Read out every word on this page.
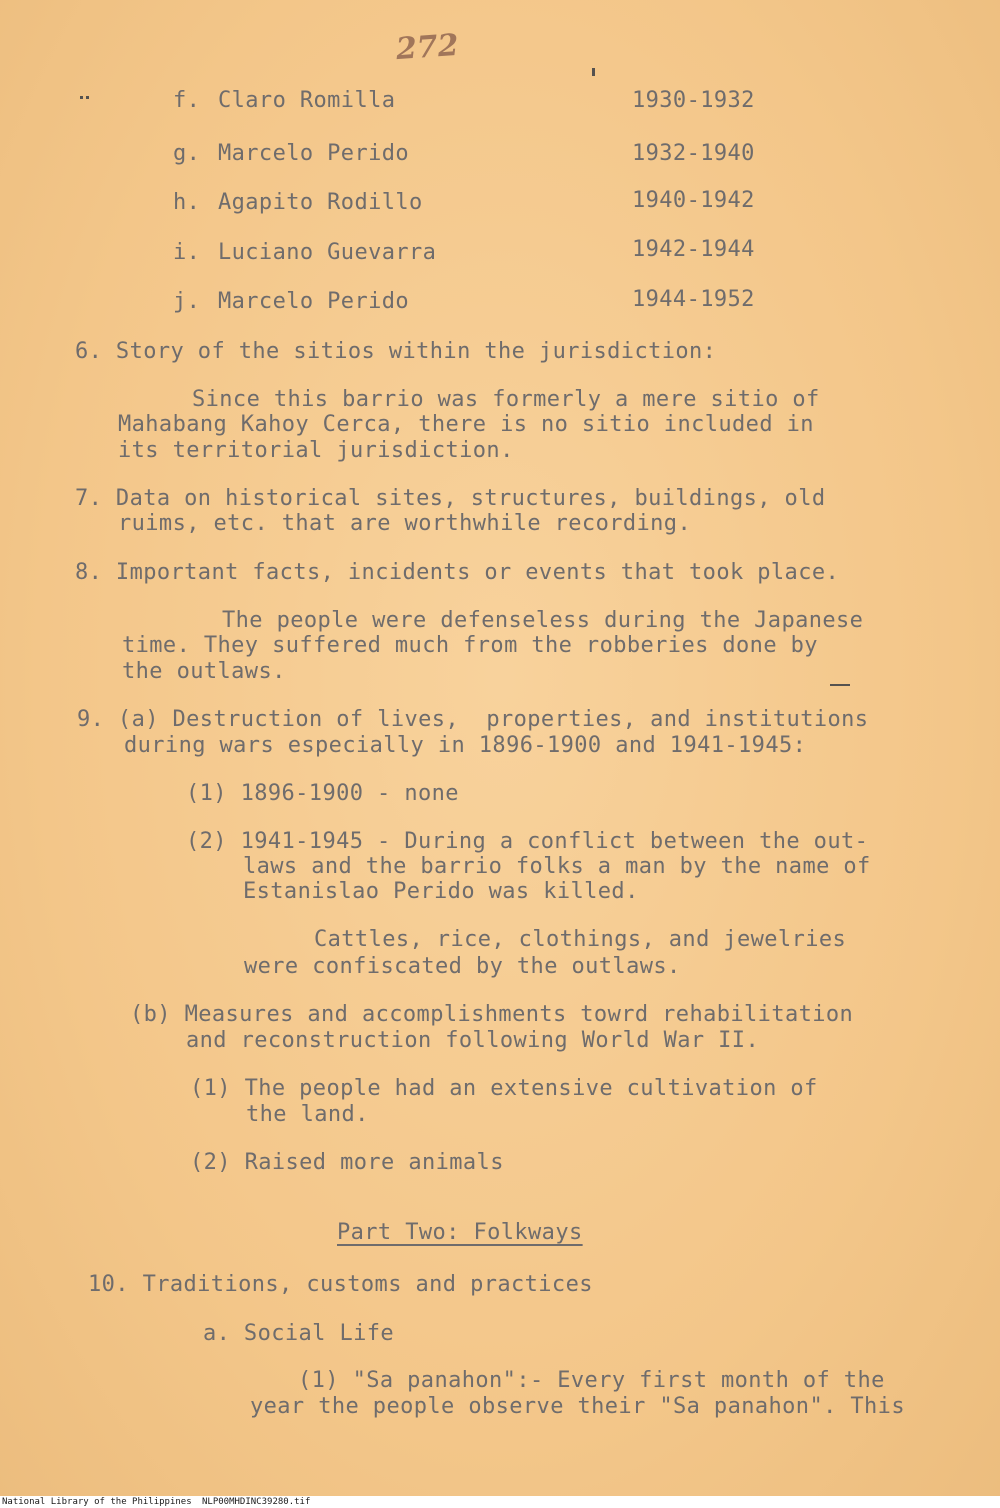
272
f. Claro Romilla	1930-1932
g. Marcelo Perido	1932-1940
h. Agapito Rodillo	1940-1942
i. Luciano Guevarra	1942-1944
j. Marcelo Perido	1944-1952
6. Story of the sitios within the jurisdiction:
Since this barrio was formerly a mere sitio of
Mahabang Kahoy Cerca, there is no sitio included in
its territorial jurisdiction.
7. Data on historical sites, structures, buildings, old
ruims, etc. that are worthwhile recording.
8. Important facts, incidents or events that took place.
The people were defenseless during the Japanese
time. They suffered much from the robberies done by
the outlaws.
9. (a) Destruction of lives,  properties, and institutions
during wars especially in 1896-1900 and 1941-1945:
(1) 1896-1900 - none
(2) 1941-1945 - During a conflict between the out-
laws and the barrio folks a man by the name of
Estanislao Perido was killed.
Cattles, rice, clothings, and jewelries
were confiscated by the outlaws.
(b) Measures and accomplishments towrd rehabilitation
and reconstruction following World War II.
(1) The people had an extensive cultivation of
the land.
(2) Raised more animals
Part Two: Folkways
10. Traditions, customs and practices
a. Social Life
(1) "Sa panahon":- Every first month of the
year the people observe their "Sa panahon". This
National Library of the Philippines NLP00MHDINC39280.tif
